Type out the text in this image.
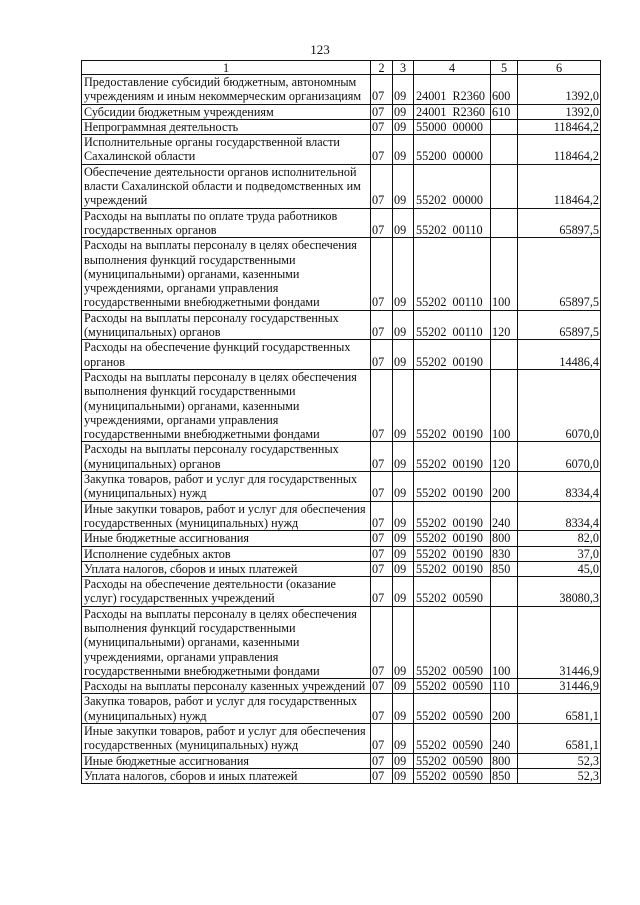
123
1	2	3	4	5	6
Предоставление субсидий бюджетным, автономным учреждениям и иным некоммерческим организациям	07	09	24001 R2360	600	1392,0
Субсидии бюджетным учреждениям	07	09	24001 R2360	610	1392,0
Непрограммная деятельность	07	09	55000 00000		118464,2
Исполнительные органы государственной власти Сахалинской области	07	09	55200 00000		118464,2
Обеспечение деятельности органов исполнительной власти Сахалинской области и подведомственных им учреждений	07	09	55202 00000		118464,2
Расходы на выплаты по оплате труда работников государственных органов	07	09	55202 00110		65897,5
Расходы на выплаты персоналу в целях обеспечения выполнения функций государственными (муниципальными) органами, казенными учреждениями, органами управления государственными внебюджетными фондами	07	09	55202 00110	100	65897,5
Расходы на выплаты персоналу государственных (муниципальных) органов	07	09	55202 00110	120	65897,5
Расходы на обеспечение функций государственных органов	07	09	55202 00190		14486,4
Расходы на выплаты персоналу в целях обеспечения выполнения функций государственными (муниципальными) органами, казенными учреждениями, органами управления государственными внебюджетными фондами	07	09	55202 00190	100	6070,0
Расходы на выплаты персоналу государственных (муниципальных) органов	07	09	55202 00190	120	6070,0
Закупка товаров, работ и услуг для государственных (муниципальных) нужд	07	09	55202 00190	200	8334,4
Иные закупки товаров, работ и услуг для обеспечения государственных (муниципальных) нужд	07	09	55202 00190	240	8334,4
Иные бюджетные ассигнования	07	09	55202 00190	800	82,0
Исполнение судебных актов	07	09	55202 00190	830	37,0
Уплата налогов, сборов и иных платежей	07	09	55202 00190	850	45,0
Расходы на обеспечение деятельности (оказание услуг) государственных учреждений	07	09	55202 00590		38080,3
Расходы на выплаты персоналу в целях обеспечения выполнения функций государственными (муниципальными) органами, казенными учреждениями, органами управления государственными внебюджетными фондами	07	09	55202 00590	100	31446,9
Расходы на выплаты персоналу казенных учреждений	07	09	55202 00590	110	31446,9
Закупка товаров, работ и услуг для государственных (муниципальных) нужд	07	09	55202 00590	200	6581,1
Иные закупки товаров, работ и услуг для обеспечения государственных (муниципальных) нужд	07	09	55202 00590	240	6581,1
Иные бюджетные ассигнования	07	09	55202 00590	800	52,3
Уплата налогов, сборов и иных платежей	07	09	55202 00590	850	52,3
